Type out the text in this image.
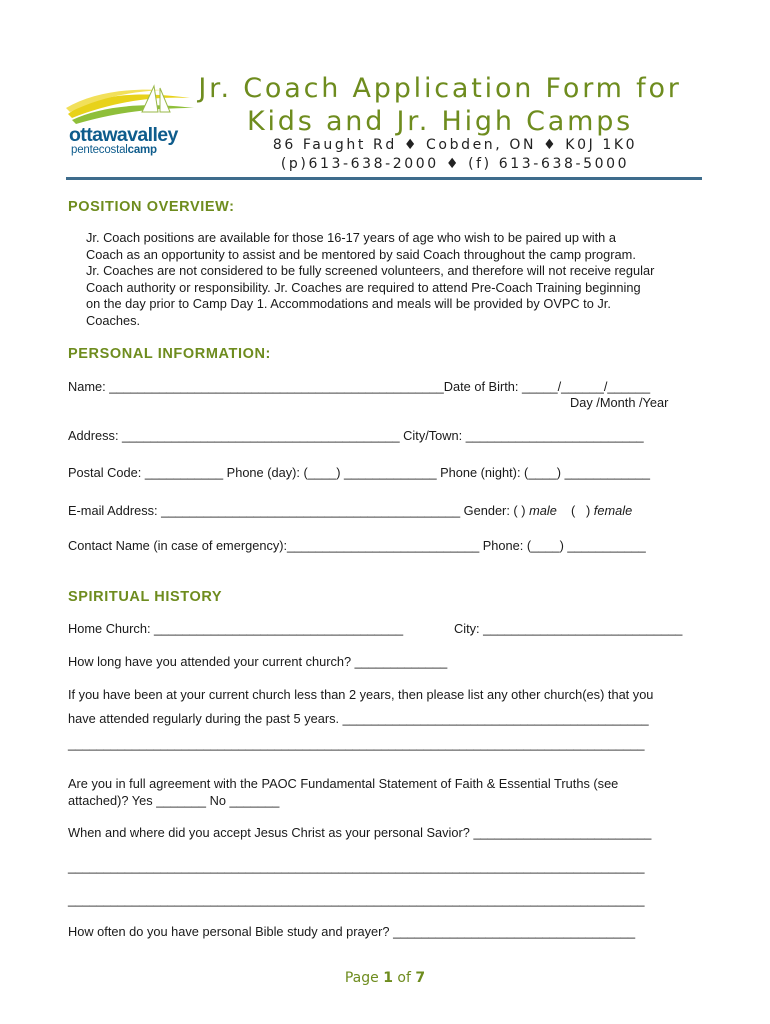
ottawavalley
pentecostalcamp
Jr. Coach Application Form for
Kids and Jr. High Camps
86 Faught Rd ♦ Cobden, ON ♦ K0J 1K0
(p)613-638-2000 ♦ (f) 613-638-5000
POSITION OVERVIEW:
Jr. Coach positions are available for those 16-17 years of age who wish to be paired up with a
Coach as an opportunity to assist and be mentored by said Coach throughout the camp program.
Jr. Coaches are not considered to be fully screened volunteers, and therefore will not receive regular
Coach authority or responsibility. Jr. Coaches are required to attend Pre-Coach Training beginning
on the day prior to Camp Day 1. Accommodations and meals will be provided by OVPC to Jr.
Coaches.
PERSONAL INFORMATION:
Name: _______________________________________________Date of Birth: _____/______/______
Day /Month /Year
Address: _______________________________________ City/Town: _________________________
Postal Code: ___________ Phone (day): (____) _____________ Phone (night): (____) ____________
E-mail Address: __________________________________________ Gender: ( ) male    (   ) female
Contact Name (in case of emergency):___________________________ Phone: (____) ___________
SPIRITUAL HISTORY
Home Church: ___________________________________	City: ____________________________
How long have you attended your current church? _____________
If you have been at your current church less than 2 years, then please list any other church(es) that you
have attended regularly during the past 5 years. ___________________________________________
_________________________________________________________________________________
Are you in full agreement with the PAOC Fundamental Statement of Faith & Essential Truths (see
attached)? Yes _______ No _______
When and where did you accept Jesus Christ as your personal Savior? _________________________
_________________________________________________________________________________
_________________________________________________________________________________
How often do you have personal Bible study and prayer? __________________________________
Page 1 of 7
